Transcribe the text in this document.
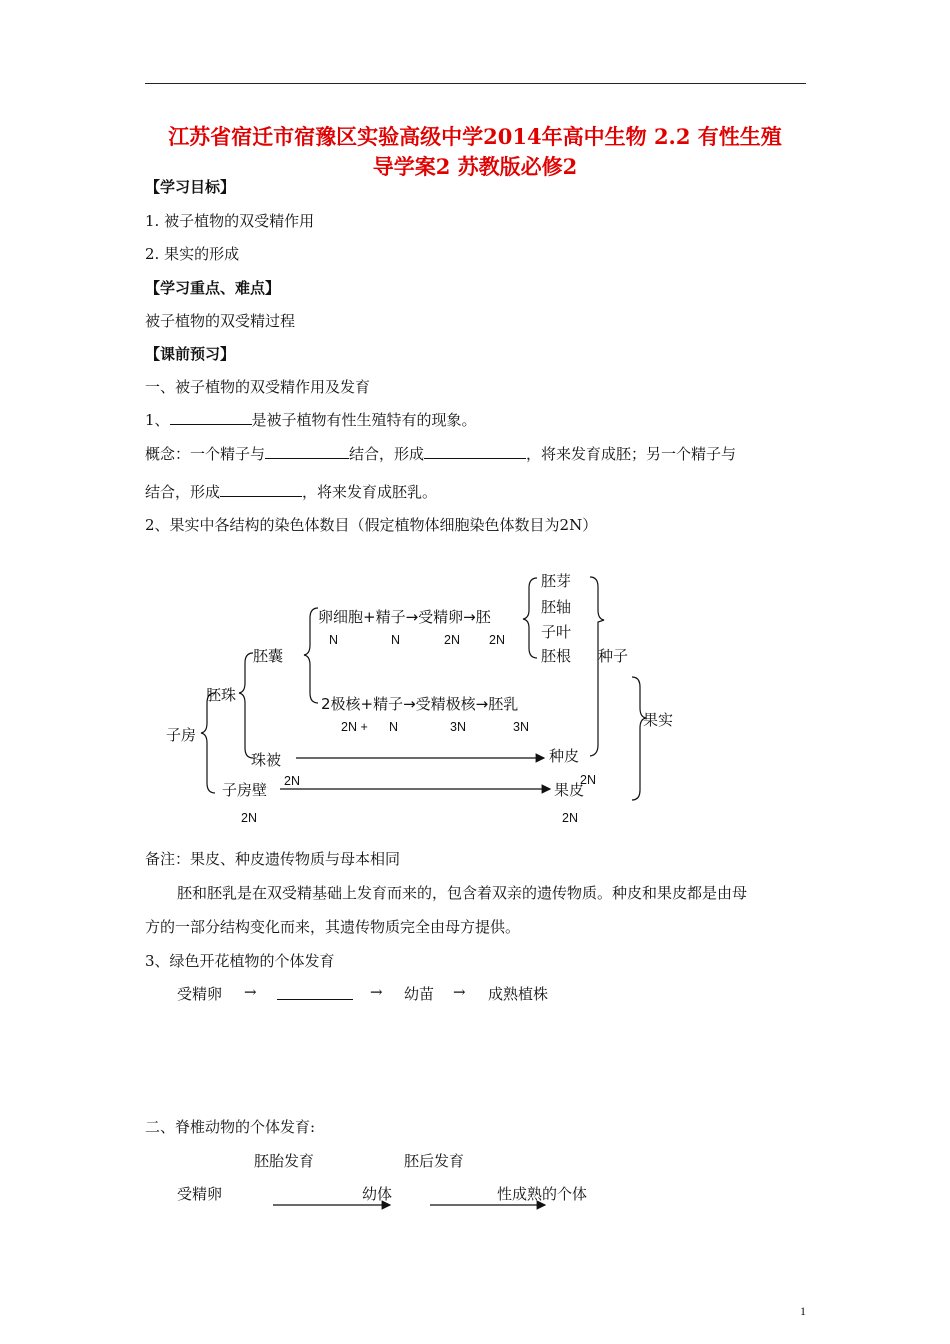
江苏省宿迁市宿豫区实验高级中学2014年高中生物 2.2 有性生殖
导学案2 苏教版必修2
【学习目标】
1. 被子植物的双受精作用
2. 果实的形成
【学习重点、难点】
被子植物的双受精过程
【课前预习】
一、被子植物的双受精作用及发育
1、	是被子植物有性生殖特有的现象。
概念：一个精子与	结合，形成	，将来发育成胚；另一个精子与
结合，形成	，将来发育成胚乳。
2、果实中各结构的染色体数目（假定植物体细胞染色体数目为2N）
子房
胚珠
胚囊
珠被
子房壁
卵细胞+精子→受精卵→胚
N	N	2N 2N
2极核+精子→受精极核→胚乳
2N + N	3N	3N
胚芽
胚轴
子叶
胚根 种子
果实
种皮
果皮
2N	2N
2N	2N
备注：果皮、种皮遗传物质与母本相同
胚和胚乳是在双受精基础上发育而来的，包含着双亲的遗传物质。种皮和果皮都是由母
方的一部分结构变化而来，其遗传物质完全由母方提供。
3、绿色开花植物的个体发育
受精卵 →	→ 幼苗 → 成熟植株
二、脊椎动物的个体发育:
胚胎发育	胚后发育
受精卵	幼体	性成熟的个体
1
